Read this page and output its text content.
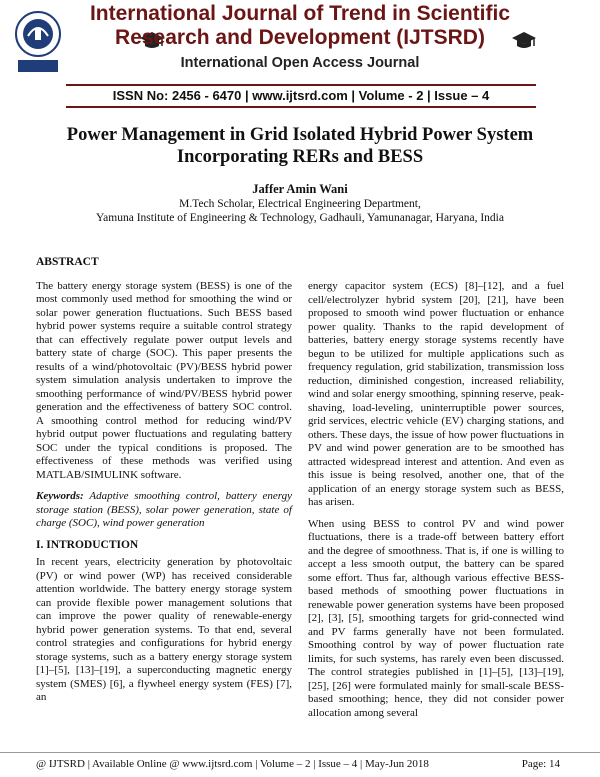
International Journal of Trend in Scientific Research and Development (IJTSRD)
International Open Access Journal
ISSN No: 2456 - 6470 | www.ijtsrd.com | Volume - 2 | Issue – 4
Power Management in Grid Isolated Hybrid Power System Incorporating RERs and BESS
Jaffer Amin Wani
M.Tech Scholar, Electrical Engineering Department,
Yamuna Institute of Engineering & Technology, Gadhauli, Yamunanagar, Haryana, India
ABSTRACT
The battery energy storage system (BESS) is one of the most commonly used method for smoothing the wind or solar power generation fluctuations. Such BESS based hybrid power systems require a suitable control strategy that can effectively regulate power output levels and battery state of charge (SOC). This paper presents the results of a wind/photovoltaic (PV)/BESS hybrid power system simulation analysis undertaken to improve the smoothing performance of wind/PV/BESS hybrid power generation and the effectiveness of battery SOC control. A smoothing control method for reducing wind/PV hybrid output power fluctuations and regulating battery SOC under the typical conditions is proposed. The effectiveness of these methods was verified using MATLAB/SIMULINK software.
Keywords: Adaptive smoothing control, battery energy storage station (BESS), solar power generation, state of charge (SOC), wind power generation
I. INTRODUCTION
In recent years, electricity generation by photovoltaic (PV) or wind power (WP) has received considerable attention worldwide. The battery energy storage system can provide flexible power management solutions that can improve the power quality of renewable-energy hybrid power generation systems. To that end, several control strategies and configurations for hybrid energy storage systems, such as a battery energy storage system [1]–[5], [13]–[19], a superconducting magnetic energy system (SMES) [6], a flywheel energy system (FES) [7], an
energy capacitor system (ECS) [8]–[12], and a fuel cell/electrolyzer hybrid system [20], [21], have been proposed to smooth wind power fluctuation or enhance power quality. Thanks to the rapid development of batteries, battery energy storage systems recently have begun to be utilized for multiple applications such as frequency regulation, grid stabilization, transmission loss reduction, diminished congestion, increased reliability, wind and solar energy smoothing, spinning reserve, peak-shaving, load-leveling, uninterruptible power sources, grid services, electric vehicle (EV) charging stations, and others. These days, the issue of how power fluctuations in PV and wind power generation are to be smoothed has attracted widespread interest and attention. And even as this issue is being resolved, another one, that of the application of an energy storage system such as BESS, has arisen.
When using BESS to control PV and wind power fluctuations, there is a trade-off between battery effort and the degree of smoothness. That is, if one is willing to accept a less smooth output, the battery can be spared some effort. Thus far, although various effective BESS-based methods of smoothing power fluctuations in renewable power generation systems have been proposed [2], [3], [5], smoothing targets for grid-connected wind and PV farms generally have not been formulated. Smoothing control by way of power fluctuation rate limits, for such systems, has rarely even been discussed. The control strategies published in [1]–[5], [13]–[19], [25], [26] were formulated mainly for small-scale BESS-based smoothing; hence, they did not consider power allocation among several
@ IJTSRD | Available Online @ www.ijtsrd.com | Volume – 2 | Issue – 4 | May-Jun 2018	Page: 14
